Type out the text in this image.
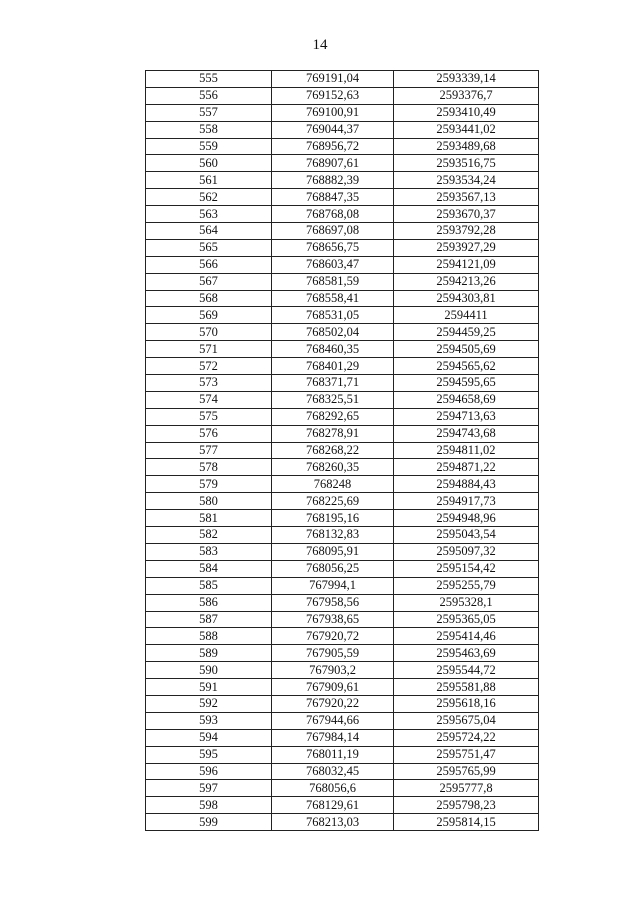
14
555	769191,04	2593339,14
556	769152,63	2593376,7
557	769100,91	2593410,49
558	769044,37	2593441,02
559	768956,72	2593489,68
560	768907,61	2593516,75
561	768882,39	2593534,24
562	768847,35	2593567,13
563	768768,08	2593670,37
564	768697,08	2593792,28
565	768656,75	2593927,29
566	768603,47	2594121,09
567	768581,59	2594213,26
568	768558,41	2594303,81
569	768531,05	2594411
570	768502,04	2594459,25
571	768460,35	2594505,69
572	768401,29	2594565,62
573	768371,71	2594595,65
574	768325,51	2594658,69
575	768292,65	2594713,63
576	768278,91	2594743,68
577	768268,22	2594811,02
578	768260,35	2594871,22
579	768248	2594884,43
580	768225,69	2594917,73
581	768195,16	2594948,96
582	768132,83	2595043,54
583	768095,91	2595097,32
584	768056,25	2595154,42
585	767994,1	2595255,79
586	767958,56	2595328,1
587	767938,65	2595365,05
588	767920,72	2595414,46
589	767905,59	2595463,69
590	767903,2	2595544,72
591	767909,61	2595581,88
592	767920,22	2595618,16
593	767944,66	2595675,04
594	767984,14	2595724,22
595	768011,19	2595751,47
596	768032,45	2595765,99
597	768056,6	2595777,8
598	768129,61	2595798,23
599	768213,03	2595814,15
